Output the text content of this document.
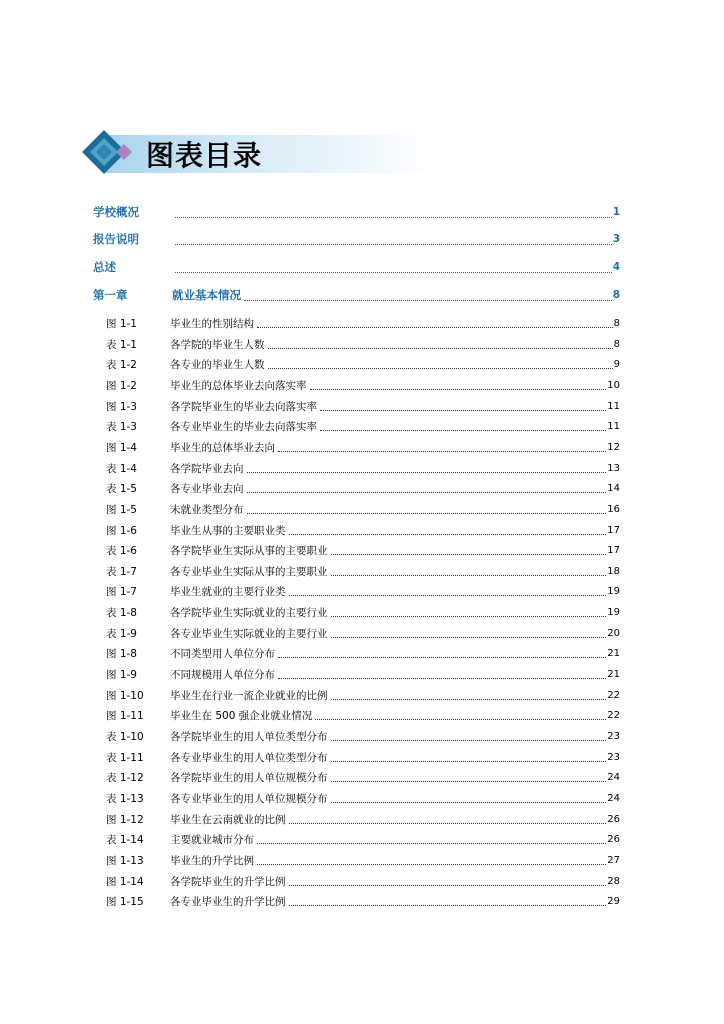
图表目录
学校概况	1
报告说明	3
总述	4
第一章	就业基本情况	8
图 1-1	毕业生的性别结构	8
表 1-1	各学院的毕业生人数	8
表 1-2	各专业的毕业生人数	9
图 1-2	毕业生的总体毕业去向落实率	10
图 1-3	各学院毕业生的毕业去向落实率	11
表 1-3	各专业毕业生的毕业去向落实率	11
图 1-4	毕业生的总体毕业去向	12
表 1-4	各学院毕业去向	13
表 1-5	各专业毕业去向	14
图 1-5	未就业类型分布	16
图 1-6	毕业生从事的主要职业类	17
表 1-6	各学院毕业生实际从事的主要职业	17
表 1-7	各专业毕业生实际从事的主要职业	18
图 1-7	毕业生就业的主要行业类	19
表 1-8	各学院毕业生实际就业的主要行业	19
表 1-9	各专业毕业生实际就业的主要行业	20
图 1-8	不同类型用人单位分布	21
图 1-9	不同规模用人单位分布	21
图 1-10	毕业生在行业一流企业就业的比例	22
图 1-11	毕业生在 500 强企业就业情况	22
表 1-10	各学院毕业生的用人单位类型分布	23
表 1-11	各专业毕业生的用人单位类型分布	23
表 1-12	各学院毕业生的用人单位规模分布	24
表 1-13	各专业毕业生的用人单位规模分布	24
图 1-12	毕业生在云南就业的比例	26
表 1-14	主要就业城市分布	26
图 1-13	毕业生的升学比例	27
图 1-14	各学院毕业生的升学比例	28
图 1-15	各专业毕业生的升学比例	29
